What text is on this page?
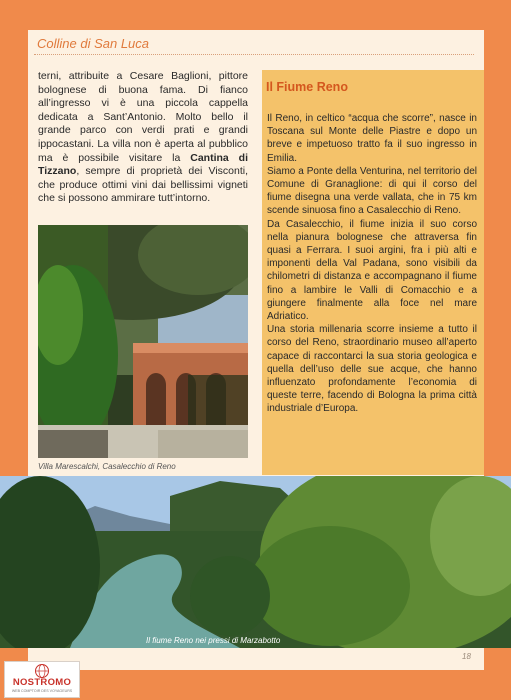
Colline di San Luca
terni, attribuite a Cesare Baglioni, pittore bolognese di buona fama. Di fianco all’ingresso vi è una piccola cappella dedicata a Sant’Antonio. Molto bello il grande parco con verdi prati e grandi ippocastani. La villa non è aperta al pubblico ma è possibile visitare la Cantina di Tizzano, sempre di proprietà dei Visconti, che produce ottimi vini dai bellissimi vigneti che si possono ammirare tutt’intorno.
Villa Marescalchi, Casalecchio di Reno
Il Fiume Reno

Il Reno, in celtico “acqua che scorre”, nasce in Toscana sul Monte delle Piastre e dopo un breve e impetuoso tratto fa il suo ingresso in Emilia.

Siamo a Ponte della Venturina, nel territorio del Comune di Granaglione: di qui il corso del fiume disegna una verde vallata, che in 75 km scende sinuosa fino a Casalecchio di Reno.

Da Casalecchio, il fiume inizia il suo corso nella pianura bolognese che attraversa fin quasi a Ferrara. I suoi argini, fra i più alti e imponenti della Val Padana, sono visibili da chilometri di distanza e accompagnano il fiume fino a lambire le Valli di Comacchio e a giungere finalmente alla foce nel mare Adriatico.

Una storia millenaria scorre insieme a tutto il corso del Reno, straordinario museo all’aperto capace di raccontarci la sua storia geologica e quella dell’uso delle sue acque, che hanno influenzato profondamente l’economia di queste terre, facendo di Bologna la prima città industriale d’Europa.

Il fiume Reno nei pressi di Marzabotto
18
NOSTROMO
WEB COMPTOIR DES VOYAGEURS
